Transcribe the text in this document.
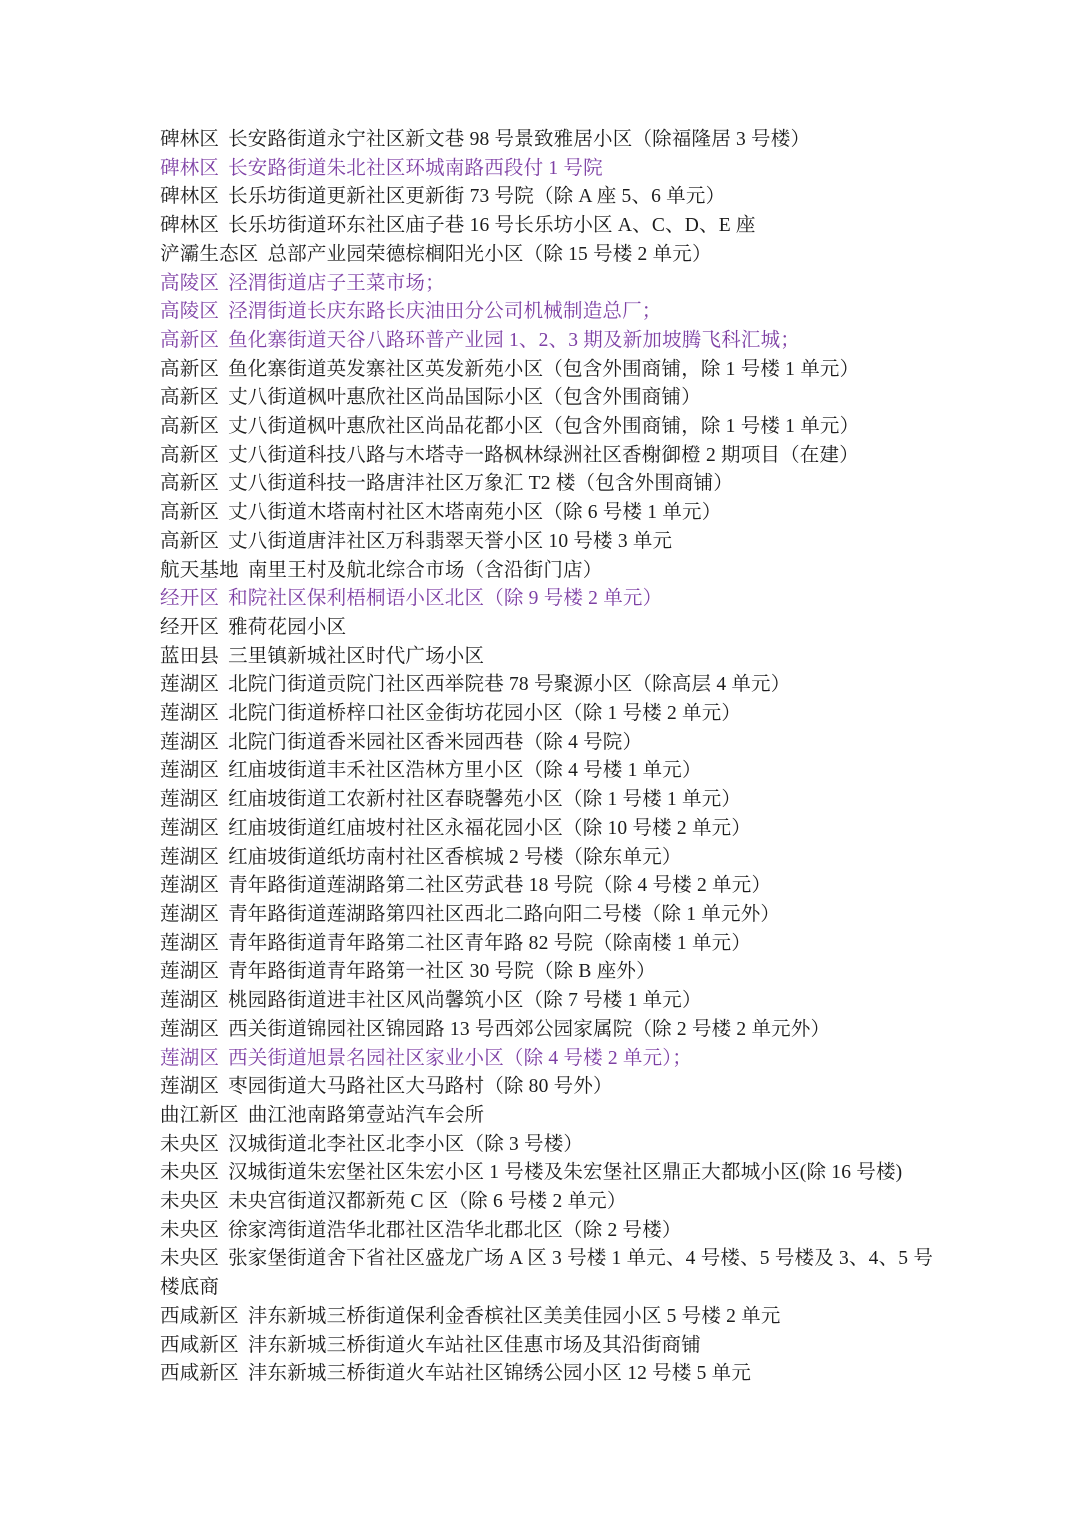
碑林区 长安路街道永宁社区新文巷 98 号景致雅居小区（除福隆居 3 号楼）
碑林区 长安路街道朱北社区环城南路西段付 1 号院
碑林区 长乐坊街道更新社区更新街 73 号院（除 A 座 5、6 单元）
碑林区 长乐坊街道环东社区庙子巷 16 号长乐坊小区 A、C、D、E 座
浐灞生态区 总部产业园荣德棕榈阳光小区（除 15 号楼 2 单元）
高陵区 泾渭街道店子王菜市场；
高陵区 泾渭街道长庆东路长庆油田分公司机械制造总厂；
高新区 鱼化寨街道天谷八路环普产业园 1、2、3 期及新加坡腾飞科汇城；
高新区 鱼化寨街道英发寨社区英发新苑小区（包含外围商铺，除 1 号楼 1 单元）
高新区 丈八街道枫叶惠欣社区尚品国际小区（包含外围商铺）
高新区 丈八街道枫叶惠欣社区尚品花都小区（包含外围商铺，除 1 号楼 1 单元）
高新区 丈八街道科技八路与木塔寺一路枫林绿洲社区香榭御橙 2 期项目（在建）
高新区 丈八街道科技一路唐沣社区万象汇 T2 楼（包含外围商铺）
高新区 丈八街道木塔南村社区木塔南苑小区（除 6 号楼 1 单元）
高新区 丈八街道唐沣社区万科翡翠天誉小区 10 号楼 3 单元
航天基地 南里王村及航北综合市场（含沿街门店）
经开区 和院社区保利梧桐语小区北区（除 9 号楼 2 单元）
经开区 雅荷花园小区
蓝田县 三里镇新城社区时代广场小区
莲湖区 北院门街道贡院门社区西举院巷 78 号聚源小区（除高层 4 单元）
莲湖区 北院门街道桥梓口社区金街坊花园小区（除 1 号楼 2 单元）
莲湖区 北院门街道香米园社区香米园西巷（除 4 号院）
莲湖区 红庙坡街道丰禾社区浩林方里小区（除 4 号楼 1 单元）
莲湖区 红庙坡街道工农新村社区春晓馨苑小区（除 1 号楼 1 单元）
莲湖区 红庙坡街道红庙坡村社区永福花园小区（除 10 号楼 2 单元）
莲湖区 红庙坡街道纸坊南村社区香槟城 2 号楼（除东单元）
莲湖区 青年路街道莲湖路第二社区劳武巷 18 号院（除 4 号楼 2 单元）
莲湖区 青年路街道莲湖路第四社区西北二路向阳二号楼（除 1 单元外）
莲湖区 青年路街道青年路第二社区青年路 82 号院（除南楼 1 单元）
莲湖区 青年路街道青年路第一社区 30 号院（除 B 座外）
莲湖区 桃园路街道进丰社区风尚馨筑小区（除 7 号楼 1 单元）
莲湖区 西关街道锦园社区锦园路 13 号西郊公园家属院（除 2 号楼 2 单元外）
莲湖区 西关街道旭景名园社区家业小区（除 4 号楼 2 单元）；
莲湖区 枣园街道大马路社区大马路村（除 80 号外）
曲江新区 曲江池南路第壹站汽车会所
未央区 汉城街道北李社区北李小区（除 3 号楼）
未央区 汉城街道朱宏堡社区朱宏小区 1 号楼及朱宏堡社区鼎正大都城小区(除 16 号楼)
未央区 未央宫街道汉都新苑 C 区（除 6 号楼 2 单元）
未央区 徐家湾街道浩华北郡社区浩华北郡北区（除 2 号楼）
未央区 张家堡街道舍下省社区盛龙广场 A 区 3 号楼 1 单元、4 号楼、5 号楼及 3、4、5 号楼底商
西咸新区 沣东新城三桥街道保利金香槟社区美美佳园小区 5 号楼 2 单元
西咸新区 沣东新城三桥街道火车站社区佳惠市场及其沿街商铺
西咸新区 沣东新城三桥街道火车站社区锦绣公园小区 12 号楼 5 单元
